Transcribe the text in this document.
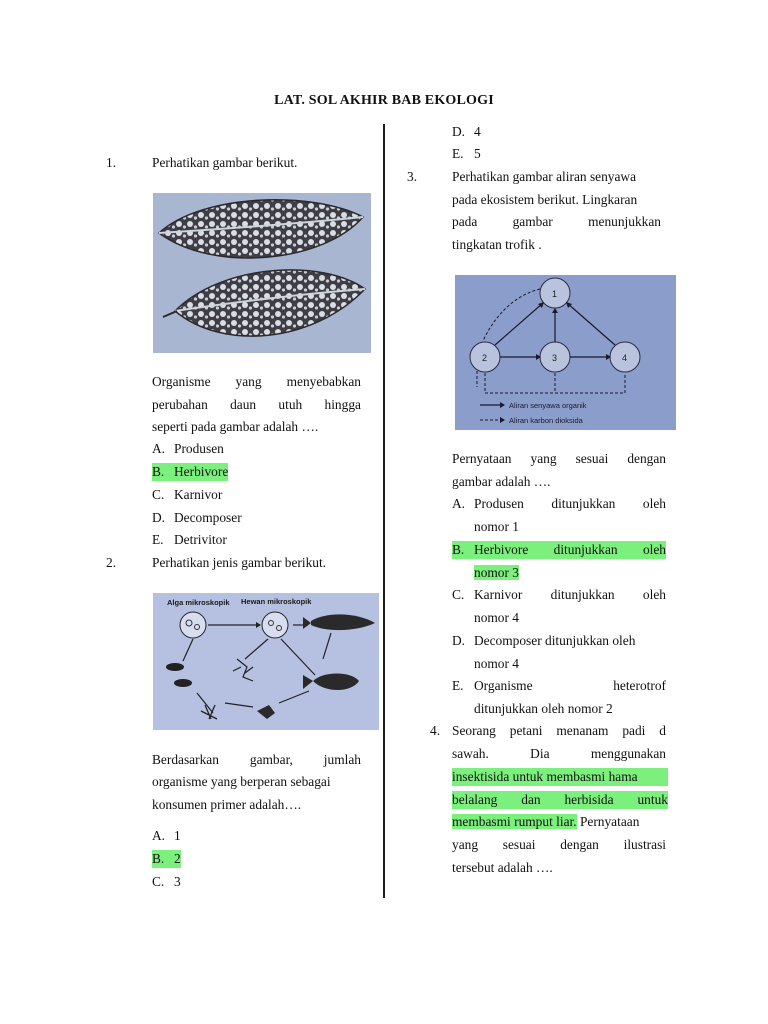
LAT. SOL AKHIR BAB EKOLOGI
1.	Perhatikan gambar berikut.
Organisme yang menyebabkan
perubahan daun utuh hingga
seperti pada gambar adalah ….
A. Produsen
B. Herbivore
C. Karnivor
D. Decomposer
E. Detrivitor
2.	Perhatikan jenis gambar berikut.
Alga mikroskopik Hewan mikroskopik
Berdasarkan gambar, jumlah
organisme yang berperan sebagai
konsumen primer adalah….
A. 1
B. 2
C. 3
D. 4
E. 5
3.	Perhatikan gambar aliran senyawa
pada ekosistem berikut. Lingkaran
pada	gambar	menunjukkan
tingkatan trofik .
1
2	3	4
Aliran senyawa organik
Aliran karbon dioksida
Pernyataan yang sesuai dengan
gambar adalah ….
A. Produsen ditunjukkan oleh
nomor 1
B. Herbivore ditunjukkan oleh
nomor 3
C. Karnivor ditunjukkan oleh
nomor 4
D. Decomposer ditunjukkan oleh
nomor 4
E. Organisme	heterotrof
ditunjukkan oleh nomor 2
4. Seorang petani menanam padi d
sawah.	Dia	menggunakan
insektisida untuk membasmi hama
belalang dan herbisida untuk
membasmi rumput liar. Pernyataan
yang sesuai dengan ilustrasi
tersebut adalah ….
